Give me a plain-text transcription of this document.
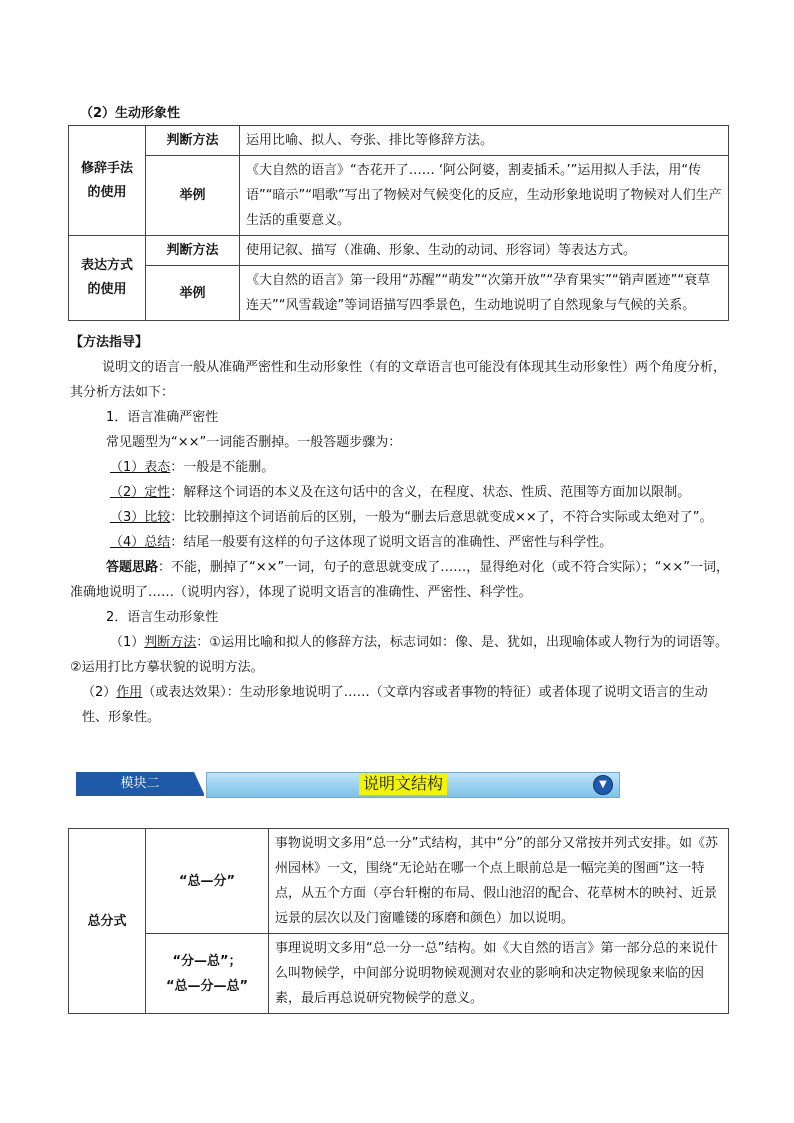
（2）生动形象性
修辞手法
的使用	判断方法	运用比喻、拟人、夸张、排比等修辞方法。
	举例	《大自然的语言》“杏花开了…… ‘阿公阿婆，割麦插禾。’”运用拟人手法，用“传语”“暗示”“唱歌”写出了物候对气候变化的反应，生动形象地说明了物候对人们生产生活的重要意义。
表达方式
的使用	判断方法	使用记叙、描写（准确、形象、生动的动词、形容词）等表达方式。
	举例	《大自然的语言》第一段用“苏醒”“萌发”“次第开放”“孕育果实”“销声匿迹”“衰草连天”“风雪载途”等词语描写四季景色，生动地说明了自然现象与气候的关系。
【方法指导】
说明文的语言一般从准确严密性和生动形象性（有的文章语言也可能没有体现其生动形象性）两个角度分析，其分析方法如下：
1．语言准确严密性
常见题型为“××”一词能否删掉。一般答题步骤为：
（1）表态：一般是不能删。
（2）定性：解释这个词语的本义及在这句话中的含义，在程度、状态、性质、范围等方面加以限制。
（3）比较：比较删掉这个词语前后的区别，一般为“删去后意思就变成××了，不符合实际或太绝对了”。
（4）总结：结尾一般要有这样的句子这体现了说明文语言的准确性、严密性与科学性。
答题思路：不能，删掉了“××”一词，句子的意思就变成了……，显得绝对化（或不符合实际）；“××”一词，准确地说明了……（说明内容），体现了说明文语言的准确性、严密性、科学性。
2．语言生动形象性
（1）判断方法：①运用比喻和拟人的修辞方法，标志词如：像、是、犹如，出现喻体或人物行为的词语等。②运用打比方摹状貌的说明方法。
（2）作用（或表达效果）：生动形象地说明了……（文章内容或者事物的特征）或者体现了说明文语言的生动性、形象性。
模块二	说明文结构	▼
总分式	“总—分”	事物说明文多用“总一分”式结构，其中“分”的部分又常按并列式安排。如《苏州园林》一文，围绕“无论站在哪一个点上眼前总是一幅完美的图画”这一特点，从五个方面（亭台轩榭的布局、假山池沼的配合、花草树木的映衬、近景远景的层次以及门窗雕镂的琢磨和颜色）加以说明。
	“分—总”；
“总—分—总”	事理说明文多用“总一分一总”结构。如《大自然的语言》第一部分总的来说什么叫物候学，中间部分说明物候观测对农业的影响和决定物候现象来临的因素，最后再总说研究物候学的意义。
